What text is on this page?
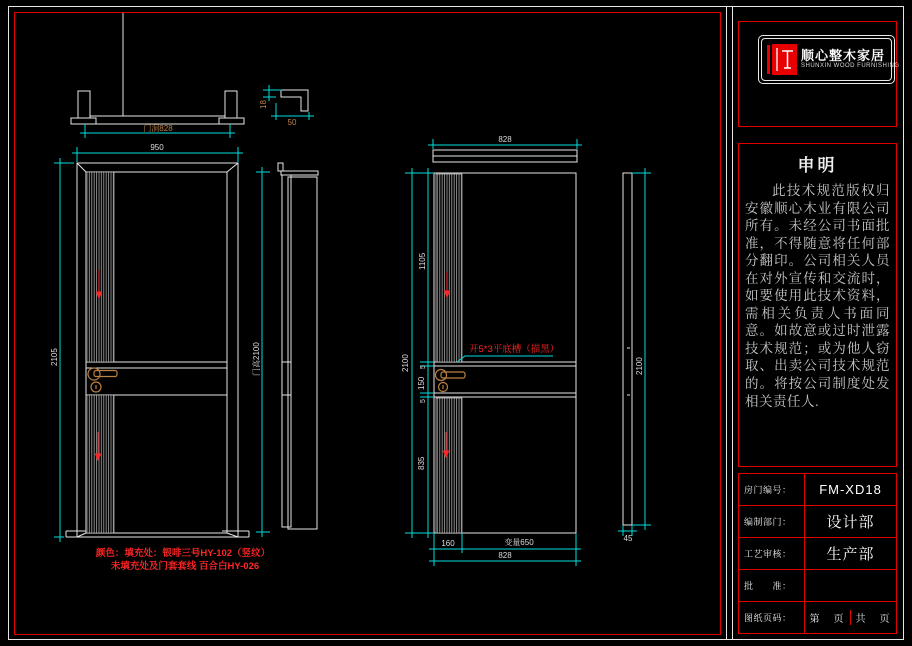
门洞828
950
18
50
门高2100
2105
828
开5*3平底槽（描黑）
2100
1105
5
150
5
835
160	变量650
828
2100
45
颜色：填充处：银啡三号HY-102（竖纹）
未填充处及门套套线 百合白HY-026
顺心整木家居
SHUNXIN WOOD FURNISHING
申明
此技术规范版权归安徽顺心木业有限公司所有。未经公司书面批准，不得随意将任何部分翻印。公司相关人员在对外宣传和交流时，如要使用此技术资料，需相关负责人书面同意。如故意或过时泄露技术规范；或为他人窃取、出卖公司技术规范的。将按公司制度处发相关责任人.
房门编号：	FM-XD18
编制部门：	设计部
工艺审核：	生产部
批　　准：
图纸页码：	第　页	共　页
